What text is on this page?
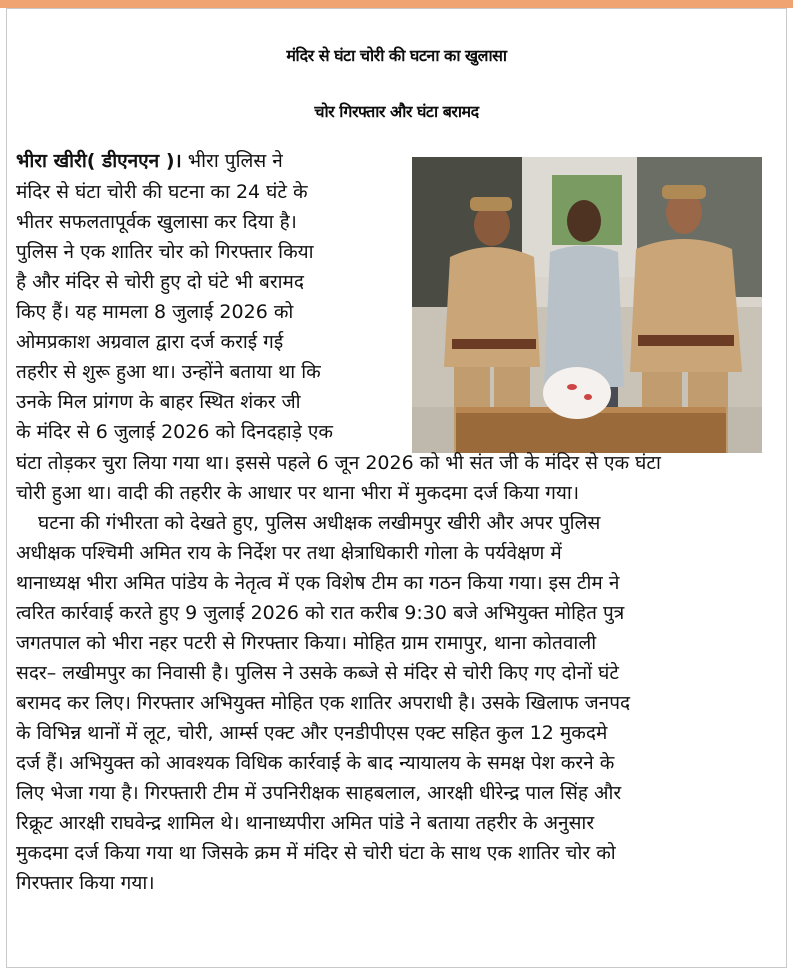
मंदिर से घंटा चोरी की घटना का खुलासा
चोर गिरफ्तार और घंटा बरामद

भीरा खीरी( डीएनएन )। भीरा पुलिस ने

मंदिर से घंटा चोरी की घटना का 24 घंटे के

भीतर सफलतापूर्वक खुलासा कर दिया है।

पुलिस ने एक शातिर चोर को गिरफ्तार किया

है और मंदिर से चोरी हुए दो घंटे भी बरामद

किए हैं। यह मामला 8 जुलाई 2026 को

ओमप्रकाश अग्रवाल द्वारा दर्ज कराई गई

तहरीर से शुरू हुआ था। उन्होंने बताया था कि

उनके मिल प्रांगण के बाहर स्थित शंकर जी

के मंदिर से 6 जुलाई 2026 को दिनदहाड़े एक

घंटा तोड़कर चुरा लिया गया था। इससे पहले 6 जून 2026 को भी संत जी के मंदिर से एक घंटा

चोरी हुआ था। वादी की तहरीर के आधार पर थाना भीरा में मुकदमा दर्ज किया गया।

घटना की गंभीरता को देखते हुए, पुलिस अधीक्षक लखीमपुर खीरी और अपर पुलिस

अधीक्षक पश्चिमी अमित राय के निर्देश पर तथा क्षेत्राधिकारी गोला के पर्यवेक्षण में

थानाध्यक्ष भीरा अमित पांडेय के नेतृत्व में एक विशेष टीम का गठन किया गया। इस टीम ने

त्वरित कार्रवाई करते हुए 9 जुलाई 2026 को रात करीब 9:30 बजे अभियुक्त मोहित पुत्र

जगतपाल को भीरा नहर पटरी से गिरफ्तार किया। मोहित ग्राम रामापुर, थाना कोतवाली

सदर– लखीमपुर का निवासी है। पुलिस ने उसके कब्जे से मंदिर से चोरी किए गए दोनों घंटे

बरामद कर लिए। गिरफ्तार अभियुक्त मोहित एक शातिर अपराधी है। उसके खिलाफ जनपद

के विभिन्न थानों में लूट, चोरी, आर्म्स एक्ट और एनडीपीएस एक्ट सहित कुल 12 मुकदमे

दर्ज हैं। अभियुक्त को आवश्यक विधिक कार्रवाई के बाद न्यायालय के समक्ष पेश करने के

लिए भेजा गया है। गिरफ्तारी टीम में उपनिरीक्षक साहबलाल, आरक्षी धीरेन्द्र पाल सिंह और

रिक्रूट आरक्षी राघवेन्द्र शामिल थे। थानाध्यपीरा अमित पांडे ने बताया तहरीर के अनुसार

मुकदमा दर्ज किया गया था जिसके क्रम में मंदिर से चोरी घंटा के साथ एक शातिर चोर को

गिरफ्तार किया गया।
